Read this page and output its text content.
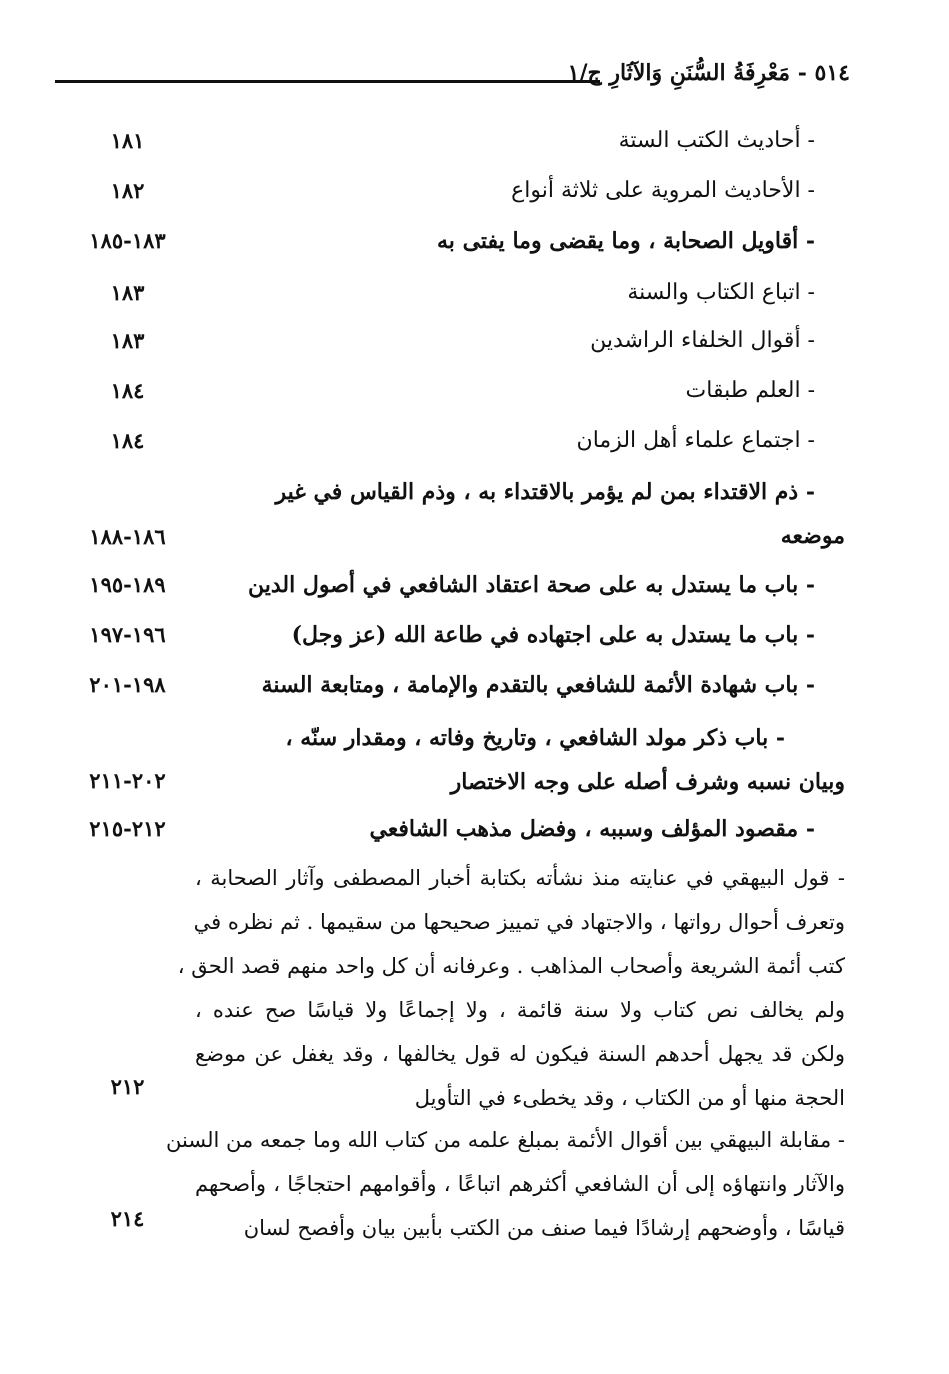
٥١٤ - مَعْرِفَةُ السُّنَنِ وَالآثَارِ ج/١
- أحاديث الكتب الستة
١٨١
- الأحاديث المروية على ثلاثة أنواع
١٨٢
- أقاويل الصحابة ، وما يقضى وما يفتى به
١٨٣-١٨٥
- اتباع الكتاب والسنة
١٨٣
- أقوال الخلفاء الراشدين
١٨٣
- العلم طبقات
١٨٤
- اجتماع علماء أهل الزمان
١٨٤
- ذم الاقتداء بمن لم يؤمر بالاقتداء به ، وذم القياس في غير
موضعه
١٨٦-١٨٨
- باب ما يستدل به على صحة اعتقاد الشافعي في أصول الدين
١٨٩-١٩٥
- باب ما يستدل به على اجتهاده في طاعة الله (عز وجل)
١٩٦-١٩٧
- باب شهادة الأئمة للشافعي بالتقدم والإمامة ، ومتابعة السنة
١٩٨-٢٠١
- باب ذكر مولد الشافعي ، وتاريخ وفاته ، ومقدار سنّه ،
وبيان نسبه وشرف أصله على وجه الاختصار
٢٠٢-٢١١
- مقصود المؤلف وسببه ، وفضل مذهب الشافعي
٢١٢-٢١٥
- قول البيهقي في عنايته منذ نشأته بكتابة أخبار المصطفى وآثار الصحابة ،
وتعرف أحوال رواتها ، والاجتهاد في تمييز صحيحها من سقيمها . ثم نظره في
كتب أئمة الشريعة وأصحاب المذاهب . وعرفانه أن كل واحد منهم قصد الحق ،
ولم يخالف نص كتاب ولا سنة قائمة ، ولا إجماعًا ولا قياسًا صح عنده ،
ولكن قد يجهل أحدهم السنة فيكون له قول يخالفها ، وقد يغفل عن موضع
الحجة منها أو من الكتاب ، وقد يخطىء في التأويل
٢١٢
- مقابلة البيهقي بين أقوال الأئمة بمبلغ علمه من كتاب الله وما جمعه من السنن
والآثار وانتهاؤه إلى أن الشافعي أكثرهم اتباعًا ، وأقوامهم احتجاجًا ، وأصحهم
قياسًا ، وأوضحهم إرشادًا فيما صنف من الكتب بأبين بيان وأفصح لسان
٢١٤
